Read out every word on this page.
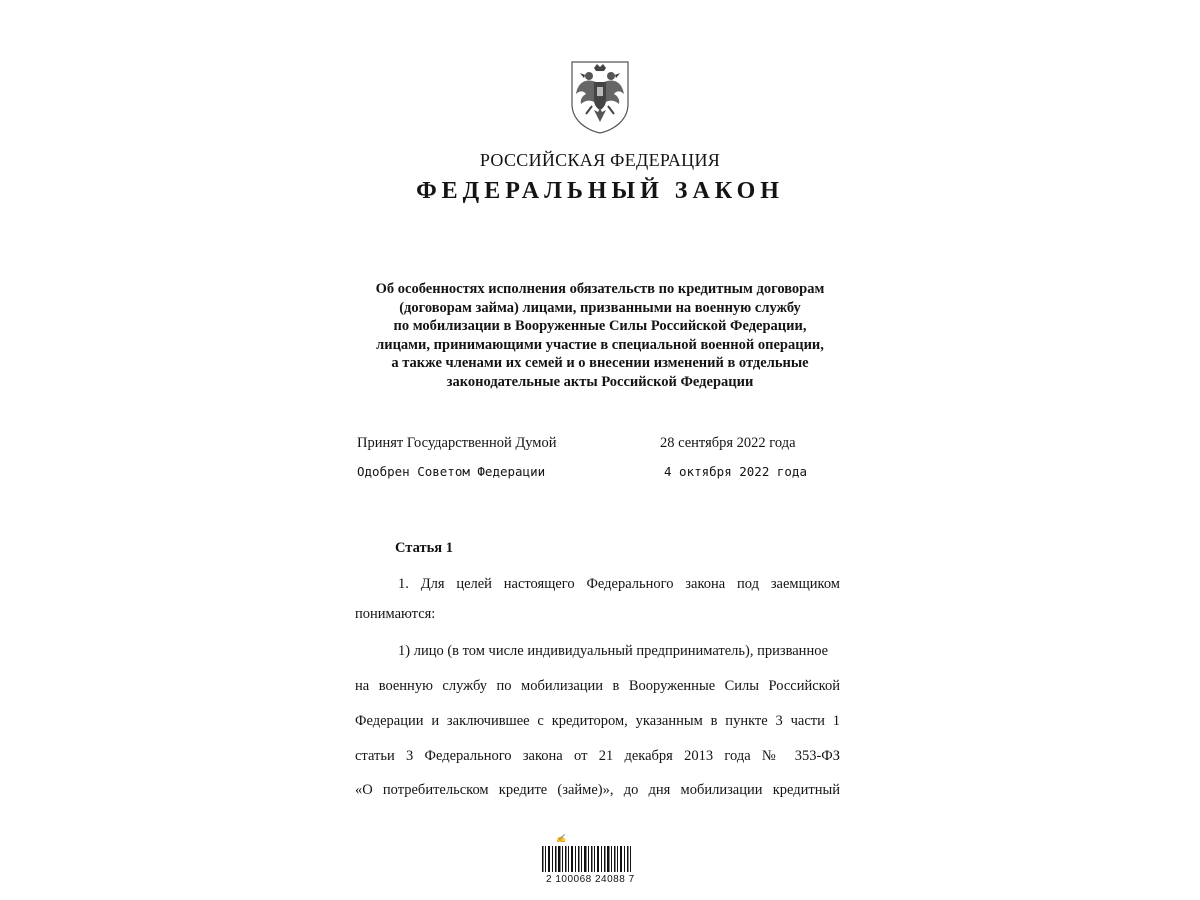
РОССИЙСКАЯ ФЕДЕРАЦИЯ
ФЕДЕРАЛЬНЫЙ ЗАКОН
Об особенностях исполнения обязательств по кредитным договорам
(договорам займа) лицами, призванными на военную службу
по мобилизации в Вооруженные Силы Российской Федерации,
лицами, принимающими участие в специальной военной операции,
а также членами их семей и о внесении изменений в отдельные
законодательные акты Российской Федерации
Принят Государственной Думой	28 сентября 2022 года
Одобрен Советом Федерации	4 октября 2022 года
Статья 1
1. Для целей настоящего Федерального закона под заемщиком
понимаются:
1) лицо (в том числе индивидуальный предприниматель), призванное
на военную службу по мобилизации в Вооруженные Силы Российской
Федерации и заключившее с кредитором, указанным в пункте 3 части 1
статьи 3 Федерального закона от 21 декабря 2013 года № 353-ФЗ
«О потребительском кредите (займе)», до дня мобилизации кредитный
✍
2 100068 24088 7
